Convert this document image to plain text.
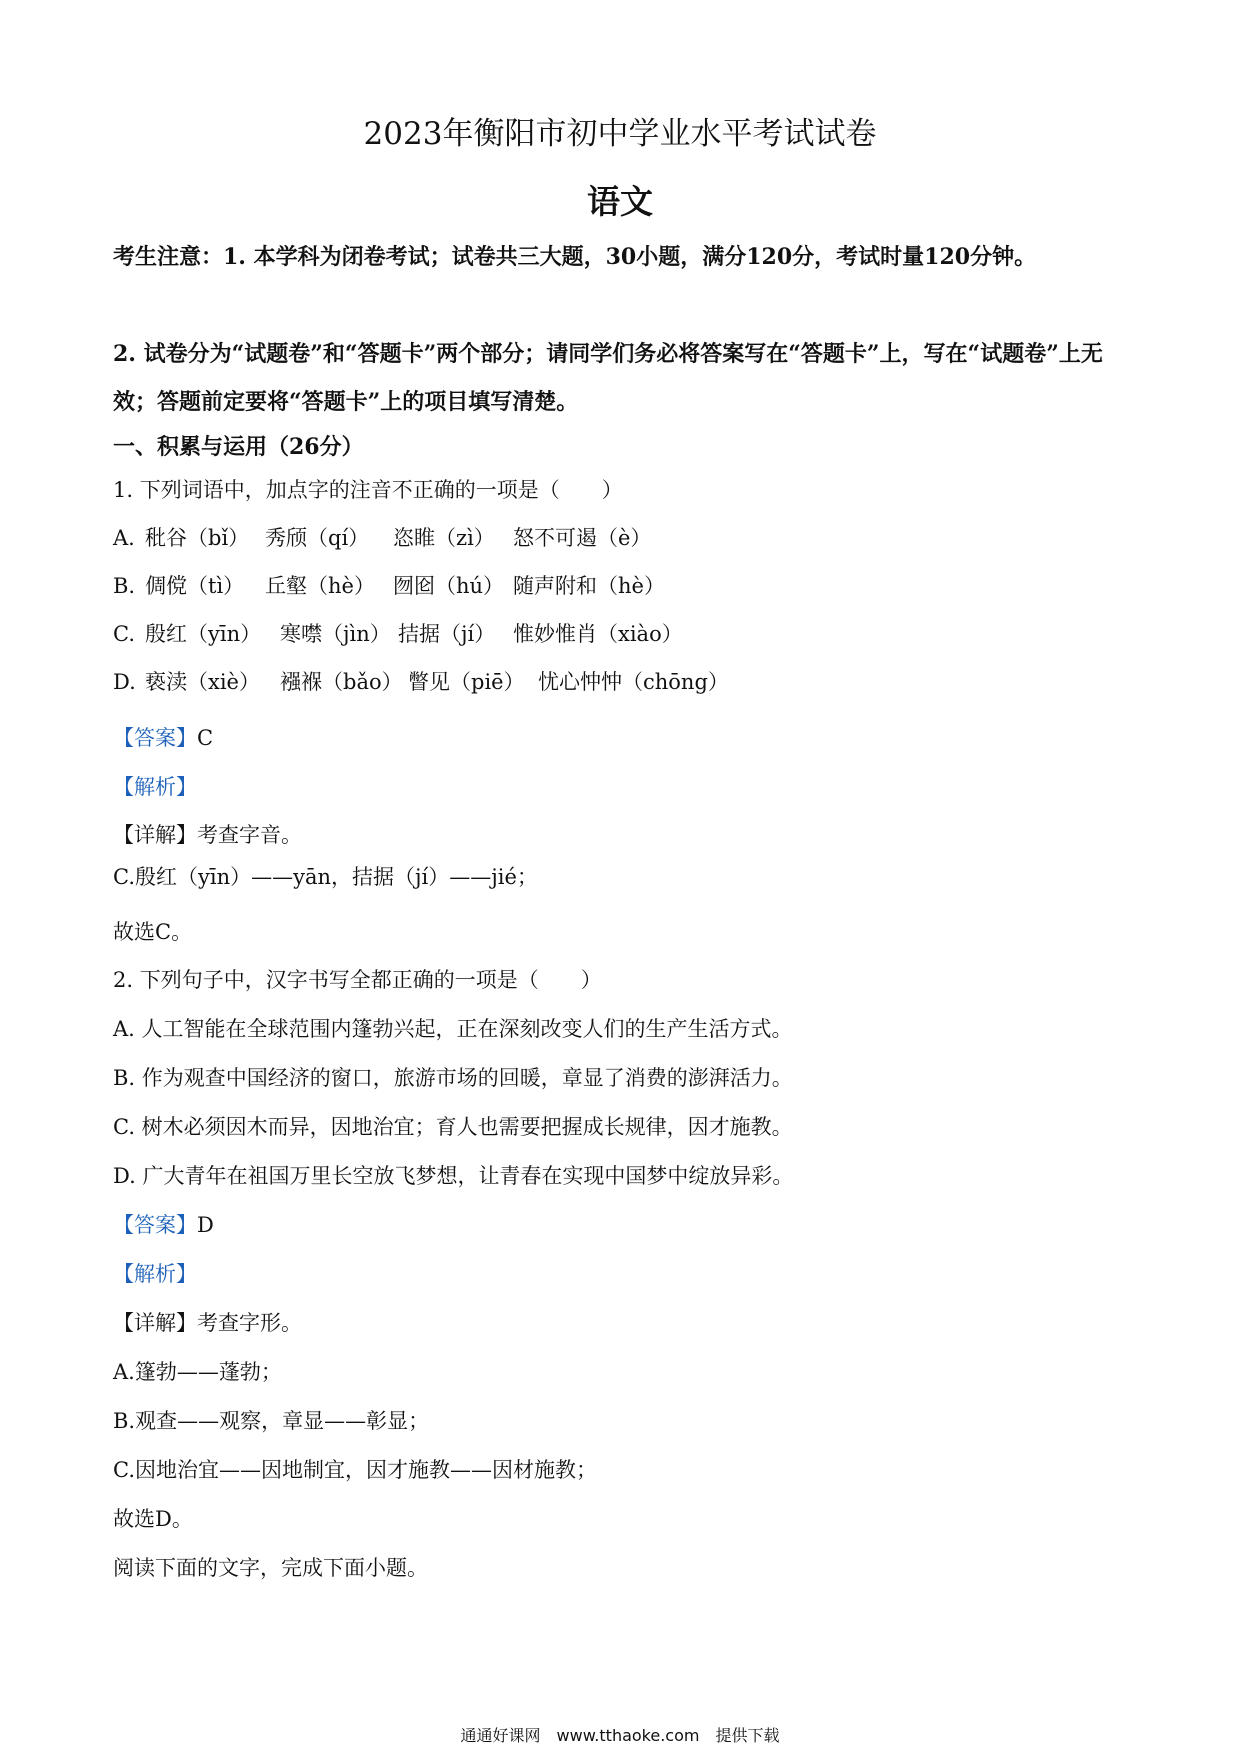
2023年衡阳市初中学业水平考试试卷
语文
考生注意：1. 本学科为闭卷考试；试卷共三大题，30小题，满分120分，考试时量120分钟。
2. 试卷分为“试题卷”和“答题卡”两个部分；请同学们务必将答案写在“答题卡”上，写在“试题卷”上无效；答题前定要将“答题卡”上的项目填写清楚。
一、积累与运用（26分）
1. 下列词语中，加点字的注音不正确的一项是（　　）
A. 秕谷（bǐ） 秀颀（qí） 恣睢（zì） 怒不可遏（è）
B. 倜傥（tì） 丘壑（hè） 囫囵（hú） 随声附和（hè）
C. 殷红（yīn） 寒噤（jìn） 拮据（jí） 惟妙惟肖（xiào）
D. 亵渎（xiè） 襁褓（bǎo） 瞥见（piē） 忧心忡忡（chōng）
【答案】C
【解析】
【详解】考查字音。
C.殷红（yīn）——yān，拮据（jí）——jié；
故选C。
2. 下列句子中，汉字书写全都正确的一项是（　　）
A. 人工智能在全球范围内篷勃兴起，正在深刻改变人们的生产生活方式。
B. 作为观查中国经济的窗口，旅游市场的回暖，章显了消费的澎湃活力。
C. 树木必须因木而异，因地治宜；育人也需要把握成长规律，因才施教。
D. 广大青年在祖国万里长空放飞梦想，让青春在实现中国梦中绽放异彩。
【答案】D
【解析】
【详解】考查字形。
A.篷勃——蓬勃；
B.观查——观察，章显——彰显；
C.因地治宜——因地制宜，因才施教——因材施教；
故选D。
阅读下面的文字，完成下面小题。
通通好课网　www.tthaoke.com　提供下载
